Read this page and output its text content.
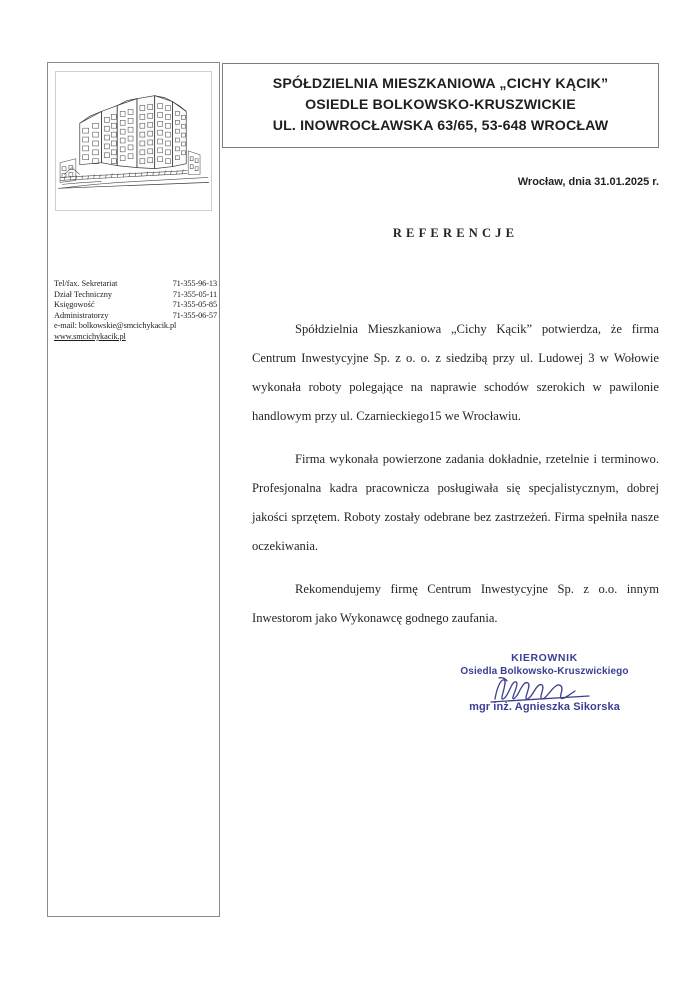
Tel/fax. Sekretariat	71-355-96-13
Dział Techniczny	71-355-05-11
Księgowość	71-355-05-85
Administratorzy	71-355-06-57
e-mail: bolkowskie@smcichykacik.pl
www.smcichykacik.pl
SPÓŁDZIELNIA MIESZKANIOWA „CICHY KĄCIK”
OSIEDLE BOLKOWSKO-KRUSZWICKIE
UL. INOWROCŁAWSKA 63/65, 53-648 WROCŁAW
Wrocław, dnia 31.01.2025 r.
REFERENCJE

Spółdzielnia Mieszkaniowa „Cichy Kącik” potwierdza, że firma Centrum Inwestycyjne Sp. z o. o. z siedzibą przy ul. Ludowej 3 w Wołowie wykonała roboty polegające na naprawie schodów szerokich w pawilonie handlowym przy ul. Czarnieckiego15 we Wrocławiu.

Firma wykonała powierzone zadania dokładnie, rzetelnie i terminowo. Profesjonalna kadra pracownicza posługiwała się specjalistycznym, dobrej jakości sprzętem. Roboty zostały odebrane bez zastrzeżeń. Firma spełniła nasze oczekiwania.

Rekomendujemy firmę Centrum Inwestycyjne Sp. z o.o. innym Inwestorom jako Wykonawcę godnego zaufania.

KIEROWNIK
Osiedla Bolkowsko-Kruszwickiego
mgr inż. Agnieszka Sikorska
